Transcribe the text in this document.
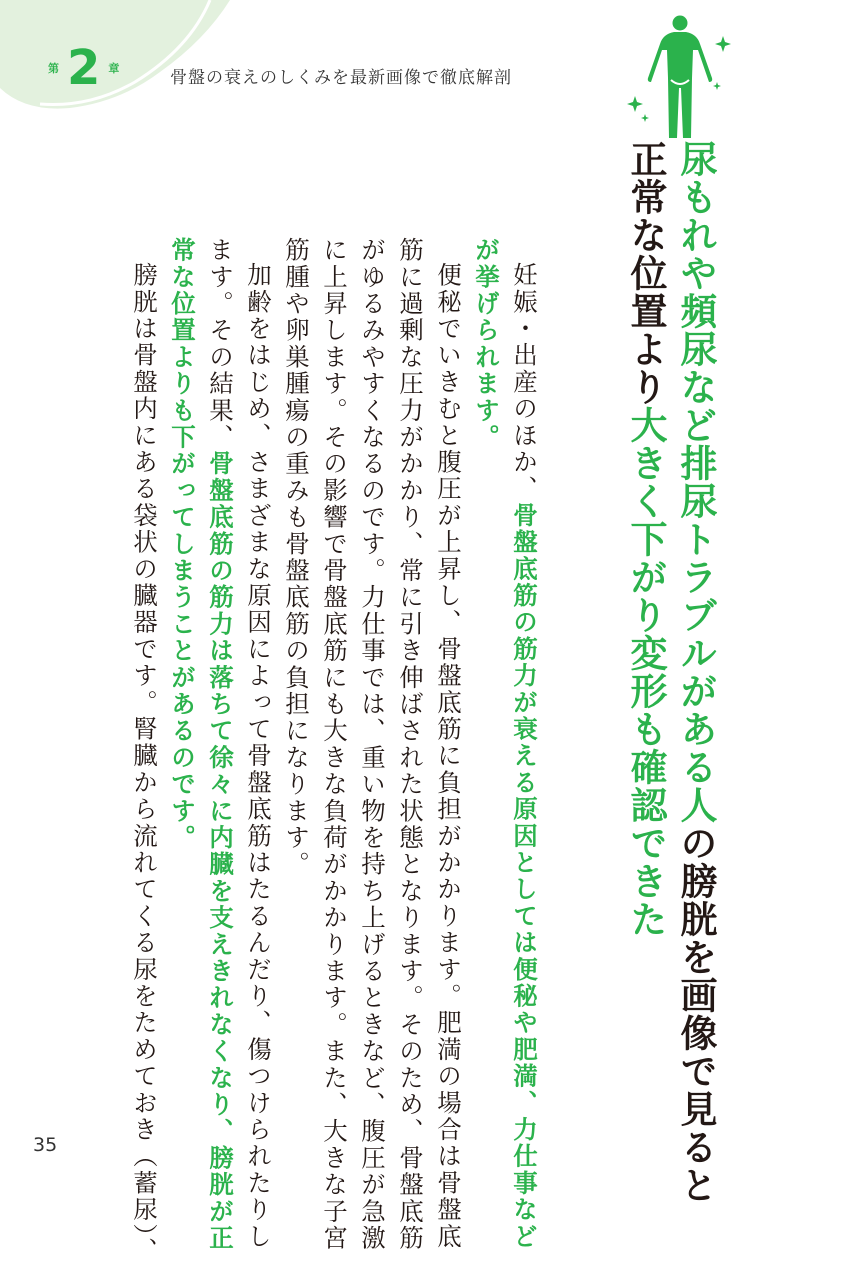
第 2 章	骨盤の衰えのしくみを最新画像で徹底解剖
尿もれや頻尿など排尿トラブルがある人の膀胱を画像で見ると
正常な位置より大きく下がり変形も確認できた
妊娠・出産のほか、骨盤底筋の筋力が衰える原因としては便秘や肥満、力仕事など
が挙げられます。
便秘でいきむと腹圧が上昇し、骨盤底筋に負担がかかります。肥満の場合は骨盤底
筋に過剰な圧力がかかり、常に引き伸ばされた状態となります。そのため、骨盤底筋
がゆるみやすくなるのです。力仕事では、重い物を持ち上げるときなど、腹圧が急激
に上昇します。その影響で骨盤底筋にも大きな負荷がかかります。また、大きな子宮
筋腫や卵巣腫瘍の重みも骨盤底筋の負担になります。
加齢をはじめ、さまざまな原因によって骨盤底筋はたるんだり、傷つけられたりし
ます。その結果、骨盤底筋の筋力は落ちて徐々に内臓を支えきれなくなり、膀胱が正
常な位置よりも下がってしまうことがあるのです。
膀胱は骨盤内にある袋状の臓器です。腎臓から流れてくる尿をためておき（蓄尿）、
35
